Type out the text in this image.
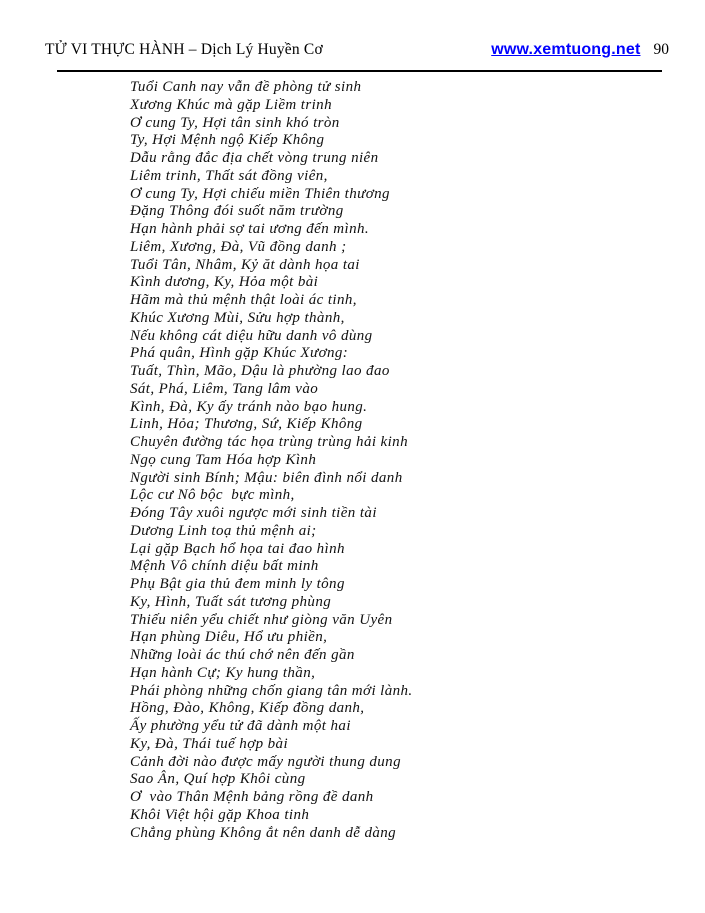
TỬ VI THỰC HÀNH – Dịch Lý Huyền Cơ	www.xemtuong.net 90
Tuổi Canh nay vẫn đề phòng tử sinh
Xương Khúc mà gặp Liềm trinh
Ơ cung Ty, Hợi tân sinh khó tròn
Ty, Hợi Mệnh ngộ Kiếp Không
Dẫu rằng đắc địa chết vòng trung niên
Liêm trinh, Thất sát đồng viên,
Ơ cung Ty, Hợi chiếu miền Thiên thương
Đặng Thông đói suốt năm trường
Hạn hành phải sợ tai ương đến mình.
Liêm, Xương, Đà, Vũ đồng danh ;
Tuổi Tân, Nhâm, Kỷ ăt dành họa tai
Kình dương, Ky, Hỏa một bài
Hãm mà thủ mệnh thật loài ác tinh,
Khúc Xương Mùi, Sửu hợp thành,
Nếu không cát diệu hữu danh vô dùng
Phá quân, Hình gặp Khúc Xương:
Tuất, Thìn, Mão, Dậu là phường lao đao
Sát, Phá, Liêm, Tang lâm vào
Kình, Đà, Ky ấy tránh nào bạo hung.
Linh, Hỏa; Thương, Sứ, Kiếp Không
Chuyên đường tác họa trùng trùng hải kinh
Ngọ cung Tam Hóa hợp Kình
Người sinh Bính; Mậu: biên đình nổi danh
Lộc cư Nô bộc  bực mình,
Đóng Tây xuôi ngược mới sinh tiền tài
Dương Linh toạ thủ mệnh ai;
Lại gặp Bạch hổ họa tai đao hình
Mệnh Vô chính diệu bất minh
Phụ Bật gia thủ đem minh ly tông
Ky, Hình, Tuất sát tương phùng
Thiếu niên yểu chiết như giòng văn Uyên
Hạn phùng Diêu, Hổ ưu phiền,
Những loài ác thú chớ nên đến gần
Hạn hành Cự; Ky hung thần,
Phái phòng những chốn giang tân mới lành.
Hồng, Đào, Không, Kiếp đồng danh,
Ấy phường yểu tử đã dành một hai
Ky, Đà, Thái tuế hợp bài
Cảnh đời nào được mấy người thung dung
Sao Ân, Quí hợp Khôi cùng
Ơ  vào Thân Mệnh bảng rồng đề danh
Khôi Việt hội gặp Khoa tinh
Chẳng phùng Không ắt nên danh dễ dàng
